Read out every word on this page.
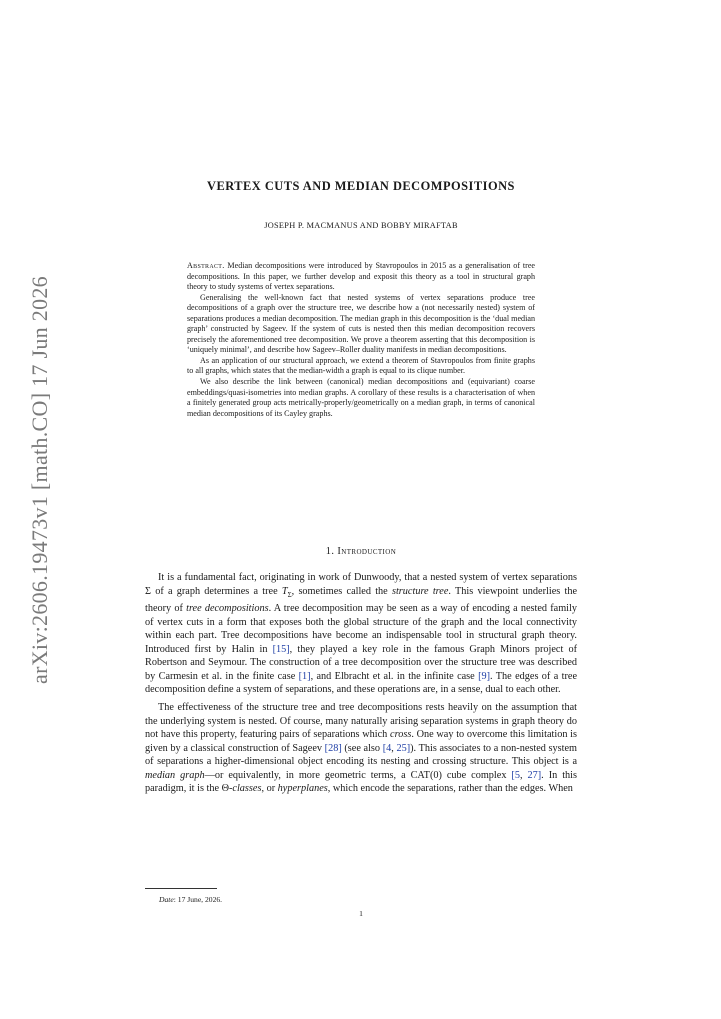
arXiv:2606.19473v1 [math.CO] 17 Jun 2026
VERTEX CUTS AND MEDIAN DECOMPOSITIONS
JOSEPH P. MACMANUS AND BOBBY MIRAFTAB

Abstract. Median decompositions were introduced by Stavropoulos in 2015 as a generalisation of tree decompositions. In this paper, we further develop and exposit this theory as a tool in structural graph theory to study systems of vertex separations.

Generalising the well-known fact that nested systems of vertex separations produce tree decompositions of a graph over the structure tree, we describe how a (not necessarily nested) system of separations produces a median decomposition. The median graph in this decomposition is the ‘dual median graph’ constructed by Sageev. If the system of cuts is nested then this median decomposition recovers precisely the aforementioned tree decomposition. We prove a theorem asserting that this decomposition is ‘uniquely minimal’, and describe how Sageev–Roller duality manifests in median decompositions.

As an application of our structural approach, we extend a theorem of Stavropoulos from finite graphs to all graphs, which states that the median-width a graph is equal to its clique number.

We also describe the link between (canonical) median decompositions and (equivariant) coarse embeddings/quasi-isometries into median graphs. A corollary of these results is a characterisation of when a finitely generated group acts metrically-properly/geometrically on a median graph, in terms of canonical median decompositions of its Cayley graphs.

1. Introduction

It is a fundamental fact, originating in work of Dunwoody, that a nested system of vertex separations Σ of a graph determines a tree $T_\Sigma$, sometimes called the structure tree. This viewpoint underlies the theory of tree decompositions. A tree decomposition may be seen as a way of encoding a nested family of vertex cuts in a form that exposes both the global structure of the graph and the local connectivity within each part. Tree decompositions have become an indispensable tool in structural graph theory. Introduced first by Halin in [15], they played a key role in the famous Graph Minors project of Robertson and Seymour. The construction of a tree decomposition over the structure tree was described by Carmesin et al. in the finite case [1], and Elbracht et al. in the infinite case [9]. The edges of a tree decomposition define a system of separations, and these operations are, in a sense, dual to each other.

The effectiveness of the structure tree and tree decompositions rests heavily on the assumption that the underlying system is nested. Of course, many naturally arising separation systems in graph theory do not have this property, featuring pairs of separations which cross. One way to overcome this limitation is given by a classical construction of Sageev [28] (see also [4, 25]). This associates to a non-nested system of separations a higher-dimensional object encoding its nesting and crossing structure. This object is a median graph—or equivalently, in more geometric terms, a CAT(0) cube complex [5, 27]. In this paradigm, it is the Θ-classes, or hyperplanes, which encode the separations, rather than the edges. When

Date: 17 June, 2026.
1
